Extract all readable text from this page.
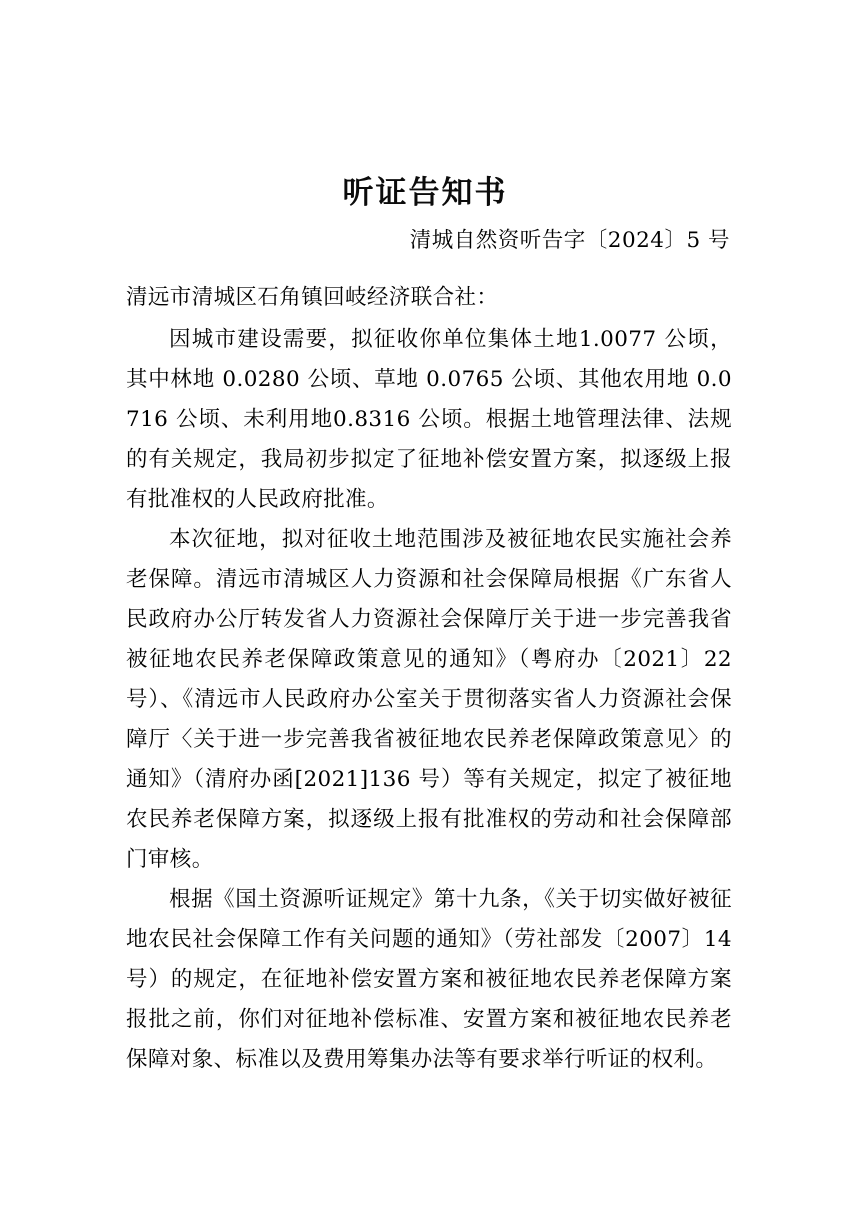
听证告知书
清城自然资听告字〔2024〕5 号
清远市清城区石角镇回岐经济联合社：

因城市建设需要，拟征收你单位集体土地1.0077 公顷，其中林地 0.0280 公顷、草地 0.0765 公顷、其他农用地 0.0716 公顷、未利用地0.8316 公顷。根据土地管理法律、法规的有关规定，我局初步拟定了征地补偿安置方案，拟逐级上报有批准权的人民政府批准。

本次征地，拟对征收土地范围涉及被征地农民实施社会养老保障。清远市清城区人力资源和社会保障局根据《广东省人民政府办公厅转发省人力资源社会保障厅关于进一步完善我省被征地农民养老保障政策意见的通知》（粤府办〔2021〕22 号）、《清远市人民政府办公室关于贯彻落实省人力资源社会保障厅〈关于进一步完善我省被征地农民养老保障政策意见〉的通知》（清府办函[2021]136 号）等有关规定，拟定了被征地农民养老保障方案，拟逐级上报有批准权的劳动和社会保障部门审核。

根据《国土资源听证规定》第十九条，《关于切实做好被征地农民社会保障工作有关问题的通知》（劳社部发〔2007〕14 号）的规定，在征地补偿安置方案和被征地农民养老保障方案报批之前，你们对征地补偿标准、安置方案和被征地农民养老保障对象、标准以及费用筹集办法等有要求举行听证的权利。
